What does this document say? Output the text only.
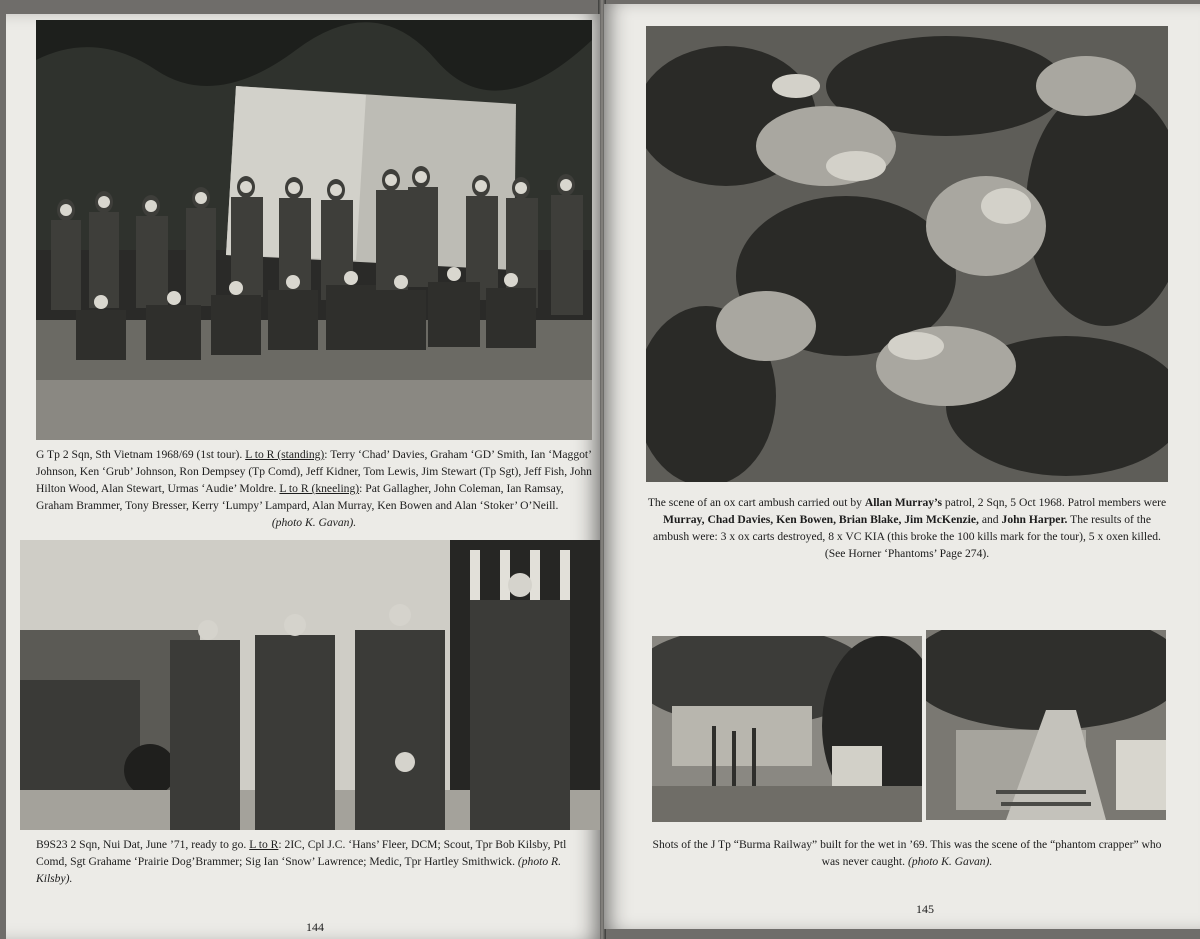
G Tp 2 Sqn, Sth Vietnam 1968/69 (1st tour). L to R (standing): Terry ‘Chad’ Davies, Graham ‘GD’ Smith, Ian ‘Maggot’ Johnson, Ken ‘Grub’ Johnson, Ron Dempsey (Tp Comd), Jeff Kidner, Tom Lewis, Jim Stewart (Tp Sgt), Jeff Fish, John Hilton Wood, Alan Stewart, Urmas ‘Audie’ Moldre. L to R (kneeling): Pat Gallagher, John Coleman, Ian Ramsay, Graham Brammer, Tony Bresser, Kerry ‘Lumpy’ Lampard, Alan Murray, Ken Bowen and Alan ‘Stoker’ O’Neill.
(photo K. Gavan).
B9S23 2 Sqn, Nui Dat, June ’71, ready to go. L to R: 2IC, Cpl J.C. ‘Hans’ Fleer, DCM; Scout, Tpr Bob Kilsby, Ptl Comd, Sgt Grahame ‘Prairie Dog’Brammer; Sig Ian ‘Snow’ Lawrence; Medic, Tpr Hartley Smithwick. (photo R. Kilsby).
144
The scene of an ox cart ambush carried out by Allan Murray’s patrol, 2 Sqn, 5 Oct 1968. Patrol members were Murray, Chad Davies, Ken Bowen, Brian Blake, Jim McKenzie, and John Harper. The results of the ambush were: 3 x ox carts destroyed, 8 x VC KIA (this broke the 100 kills mark for the tour), 5 x oxen killed. (See Horner ‘Phantoms’ Page 274).
Shots of the J Tp “Burma Railway” built for the wet in ’69. This was the scene of the “phantom crapper” who was never caught. (photo K. Gavan).
145
